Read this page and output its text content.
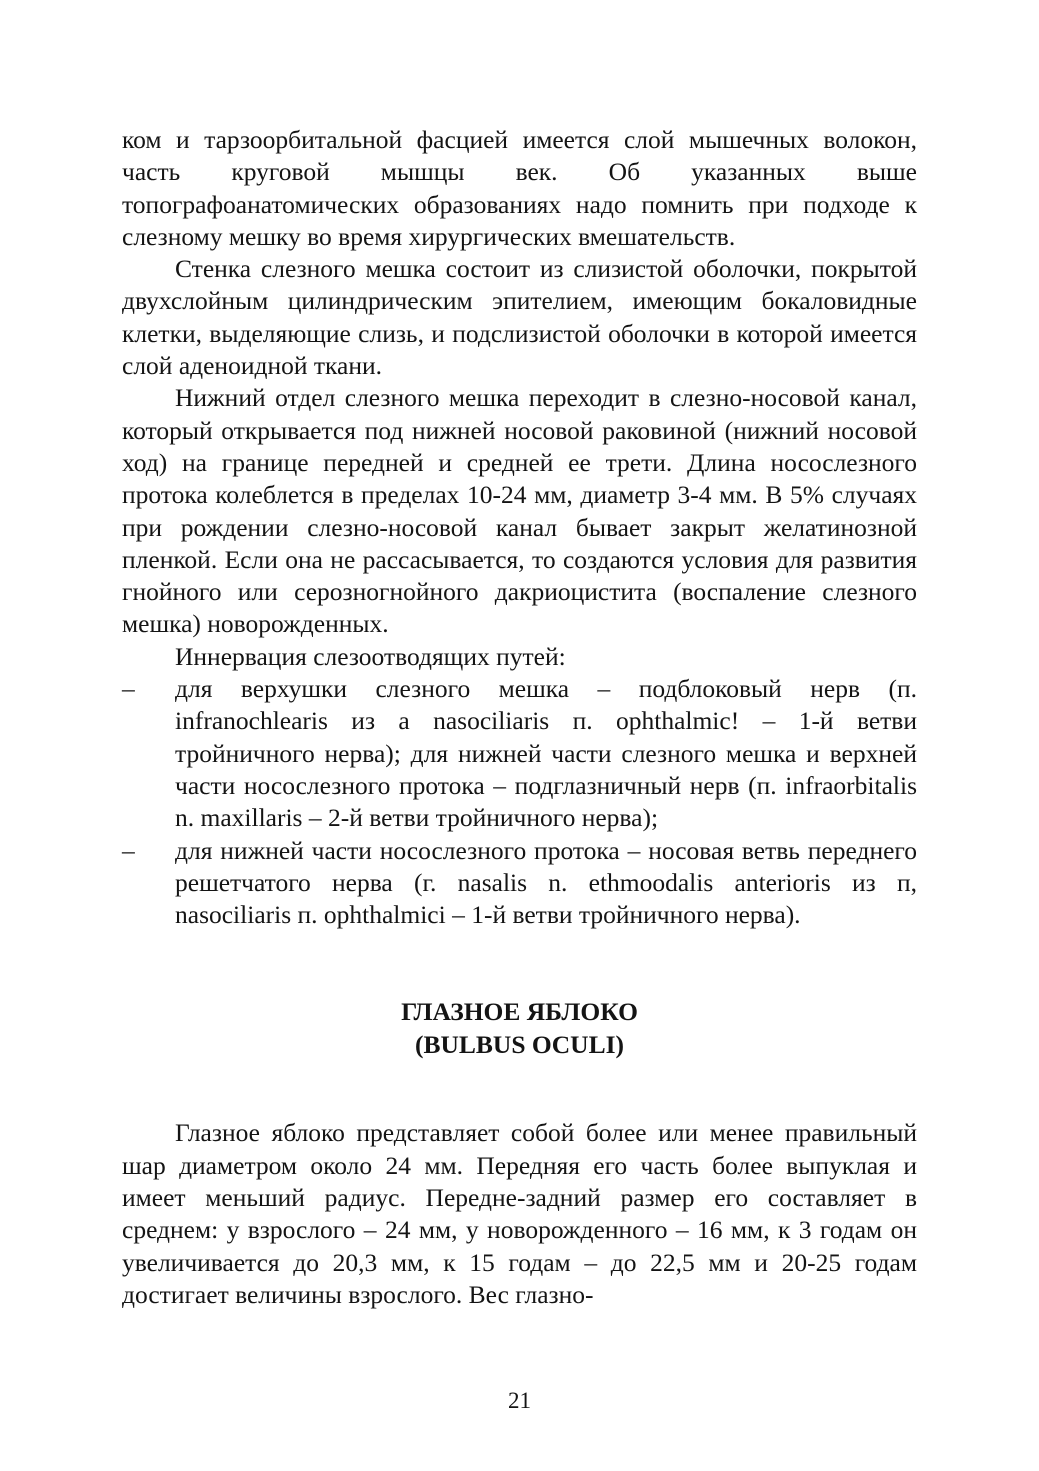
ком и тарзоорбитальной фасцией имеется слой мышечных волокон, часть круговой мышцы век. Об указанных выше топографоанатомических образованиях надо помнить при подходе к слезному мешку во время хирургических вмешательств.

Стенка слезного мешка состоит из слизистой оболочки, покрытой двухслойным цилиндрическим эпителием, имеющим бокаловидные клетки, выделяющие слизь, и подслизистой оболочки в которой имеется слой аденоидной ткани.

Нижний отдел слезного мешка переходит в слезно-носовой канал, который открывается под нижней носовой раковиной (нижний носовой ход) на границе передней и средней ее трети. Длина носослезного протока колеблется в пределах 10-24 мм, диаметр 3-4 мм. В 5% случаях при рождении слезно-носовой канал бывает закрыт желатинозной пленкой. Если она не рассасывается, то создаются условия для развития гнойного или серозногнойного дакриоцистита (воспаление слезного мешка) новорожденных.

Иннервация слезоотводящих путей:

– для верхушки слезного мешка – подблоковый нерв (п. infranochlearis из a nasociliaris п. ophthalmic! – 1-й ветви тройничного нерва); для нижней части слезного мешка и верхней части носослезного протока – подглазничный нерв (п. infraorbitalis n. maxillaris – 2-й ветви тройничного нерва);
– для нижней части носослезного протока – носовая ветвь переднего решетчатого нерва (г. nasalis n. ethmoodalis anterioris из п, nasociliaris п. ophthalmici – 1-й ветви тройничного нерва).

ГЛАЗНОЕ ЯБЛОКО

(BULBUS OCULI)

Глазное яблоко представляет собой более или менее правильный шар диаметром около 24 мм. Передняя его часть более выпуклая и имеет меньший радиус. Передне-задний размер его составляет в среднем: у взрослого – 24 мм, у новорожденного – 16 мм, к 3 годам он увеличивается до 20,3 мм, к 15 годам – до 22,5 мм и 20-25 годам достигает величины взрослого. Вес глазно-

21
